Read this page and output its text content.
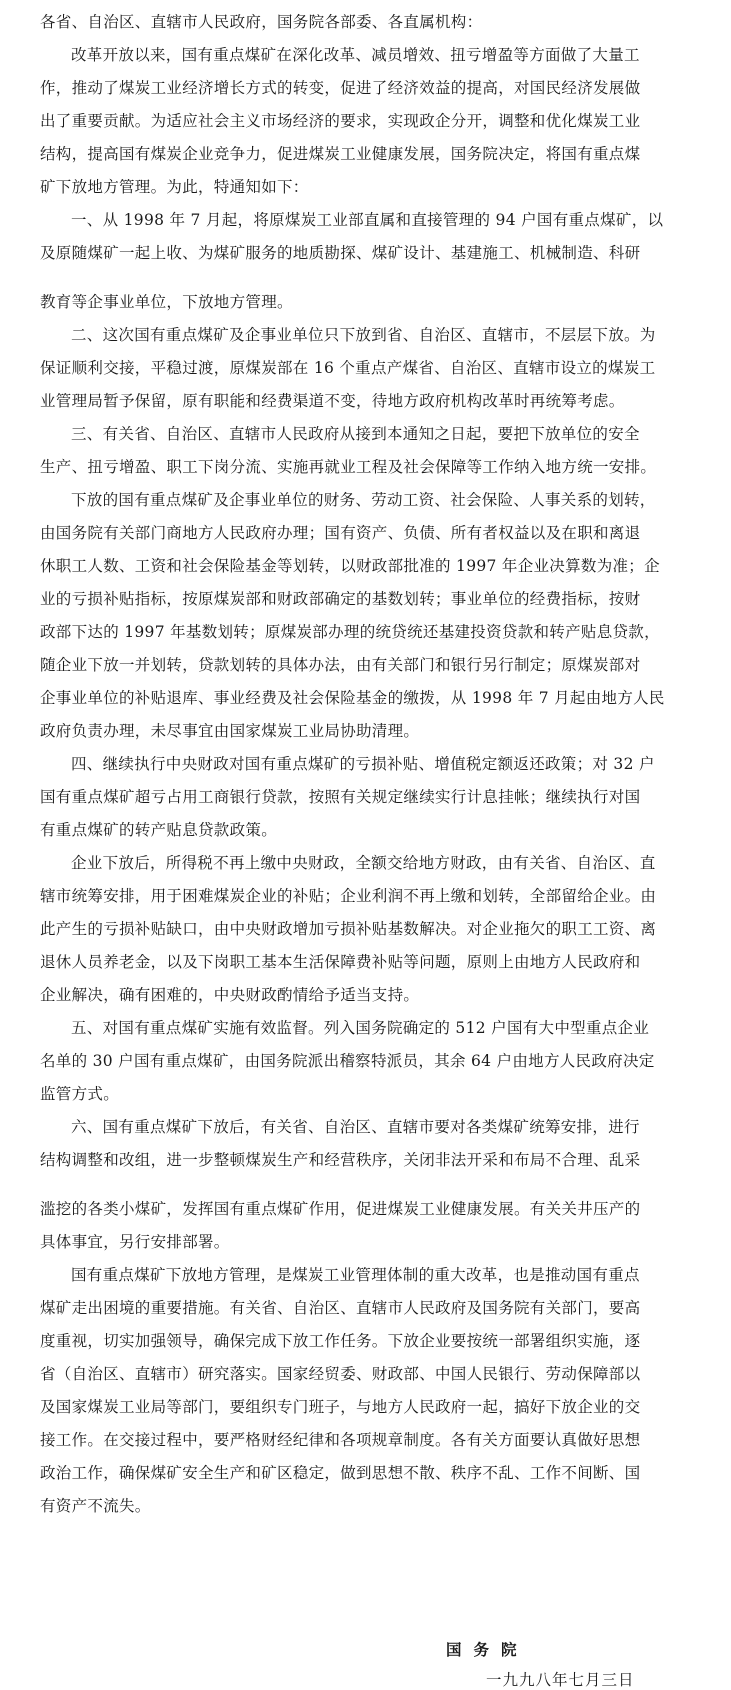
各省、自治区、直辖市人民政府，国务院各部委、各直属机构：
改革开放以来，国有重点煤矿在深化改革、减员增效、扭亏增盈等方面做了大量工
作，推动了煤炭工业经济增长方式的转变，促进了经济效益的提高，对国民经济发展做
出了重要贡献。为适应社会主义市场经济的要求，实现政企分开，调整和优化煤炭工业
结构，提高国有煤炭企业竞争力，促进煤炭工业健康发展，国务院决定，将国有重点煤
矿下放地方管理。为此，特通知如下：
一、从 1998 年 7 月起，将原煤炭工业部直属和直接管理的 94 户国有重点煤矿，以
及原随煤矿一起上收、为煤矿服务的地质勘探、煤矿设计、基建施工、机械制造、科研
教育等企事业单位，下放地方管理。
二、这次国有重点煤矿及企事业单位只下放到省、自治区、直辖市，不层层下放。为
保证顺利交接，平稳过渡，原煤炭部在 16 个重点产煤省、自治区、直辖市设立的煤炭工
业管理局暂予保留，原有职能和经费渠道不变，待地方政府机构改革时再统筹考虑。
三、有关省、自治区、直辖市人民政府从接到本通知之日起，要把下放单位的安全
生产、扭亏增盈、职工下岗分流、实施再就业工程及社会保障等工作纳入地方统一安排。
下放的国有重点煤矿及企事业单位的财务、劳动工资、社会保险、人事关系的划转，
由国务院有关部门商地方人民政府办理；国有资产、负债、所有者权益以及在职和离退
休职工人数、工资和社会保险基金等划转，以财政部批准的 1997 年企业决算数为准；企
业的亏损补贴指标，按原煤炭部和财政部确定的基数划转；事业单位的经费指标，按财
政部下达的 1997 年基数划转；原煤炭部办理的统贷统还基建投资贷款和转产贴息贷款，
随企业下放一并划转，贷款划转的具体办法，由有关部门和银行另行制定；原煤炭部对
企事业单位的补贴退库、事业经费及社会保险基金的缴拨，从 1998 年 7 月起由地方人民
政府负责办理，未尽事宜由国家煤炭工业局协助清理。
四、继续执行中央财政对国有重点煤矿的亏损补贴、增值税定额返还政策；对 32 户
国有重点煤矿超亏占用工商银行贷款，按照有关规定继续实行计息挂帐；继续执行对国
有重点煤矿的转产贴息贷款政策。
企业下放后，所得税不再上缴中央财政，全额交给地方财政，由有关省、自治区、直
辖市统筹安排，用于困难煤炭企业的补贴；企业利润不再上缴和划转，全部留给企业。由
此产生的亏损补贴缺口，由中央财政增加亏损补贴基数解决。对企业拖欠的职工工资、离
退休人员养老金，以及下岗职工基本生活保障费补贴等问题，原则上由地方人民政府和
企业解决，确有困难的，中央财政酌情给予适当支持。
五、对国有重点煤矿实施有效监督。列入国务院确定的 512 户国有大中型重点企业
名单的 30 户国有重点煤矿，由国务院派出稽察特派员，其余 64 户由地方人民政府决定
监管方式。
六、国有重点煤矿下放后，有关省、自治区、直辖市要对各类煤矿统筹安排，进行
结构调整和改组，进一步整顿煤炭生产和经营秩序，关闭非法开采和布局不合理、乱采
滥挖的各类小煤矿，发挥国有重点煤矿作用，促进煤炭工业健康发展。有关关井压产的
具体事宜，另行安排部署。
国有重点煤矿下放地方管理，是煤炭工业管理体制的重大改革，也是推动国有重点
煤矿走出困境的重要措施。有关省、自治区、直辖市人民政府及国务院有关部门，要高
度重视，切实加强领导，确保完成下放工作任务。下放企业要按统一部署组织实施，逐
省（自治区、直辖市）研究落实。国家经贸委、财政部、中国人民银行、劳动保障部以
及国家煤炭工业局等部门，要组织专门班子，与地方人民政府一起，搞好下放企业的交
接工作。在交接过程中，要严格财经纪律和各项规章制度。各有关方面要认真做好思想
政治工作，确保煤矿安全生产和矿区稳定，做到思想不散、秩序不乱、工作不间断、国
有资产不流失。
国务院
一九九八年七月三日
